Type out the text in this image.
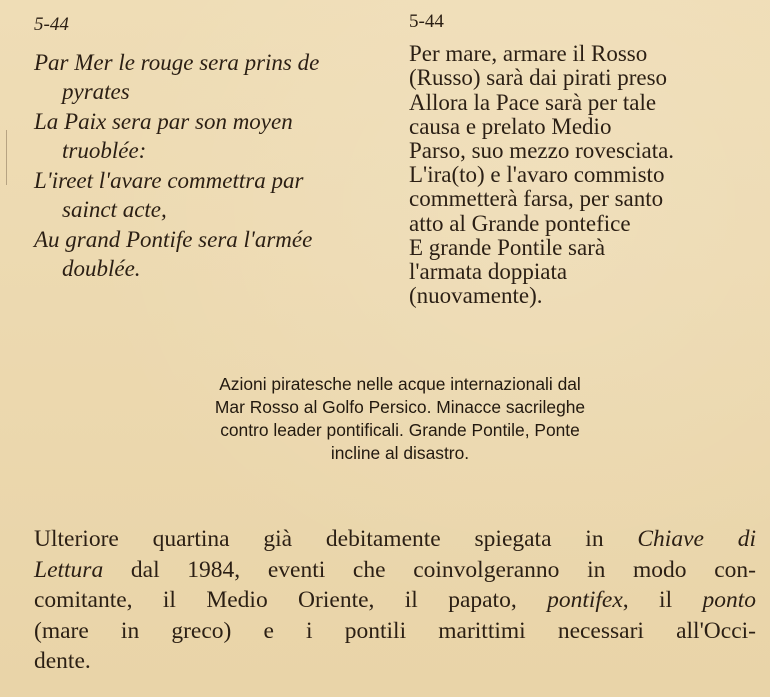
5-44
Par Mer le rouge sera prins de
pyrates
La Paix sera par son moyen
truoblée:
L'ireet l'avare commettra par
sainct acte,
Au grand Pontife sera l'armée
doublée.
5-44
Per mare, armare il Rosso
(Russo) sarà dai pirati preso
Allora la Pace sarà per tale
causa e prelato Medio
Parso, suo mezzo rovesciata.
L'ira(to) e l'avaro commisto
commetterà farsa, per santo
atto al Grande pontefice
E grande Pontile sarà
l'armata doppiata
(nuovamente).
Azioni piratesche nelle acque internazionali dal
Mar Rosso al Golfo Persico. Minacce sacrileghe
contro leader pontificali. Grande Pontile, Ponte
incline al disastro.
Ulteriore quartina già debitamente spiegata in Chiave di
Lettura dal 1984, eventi che coinvolgeranno in modo con-
comitante, il Medio Oriente, il papato, pontifex, il ponto
(mare in greco) e i pontili marittimi necessari all'Occi-
dente.
